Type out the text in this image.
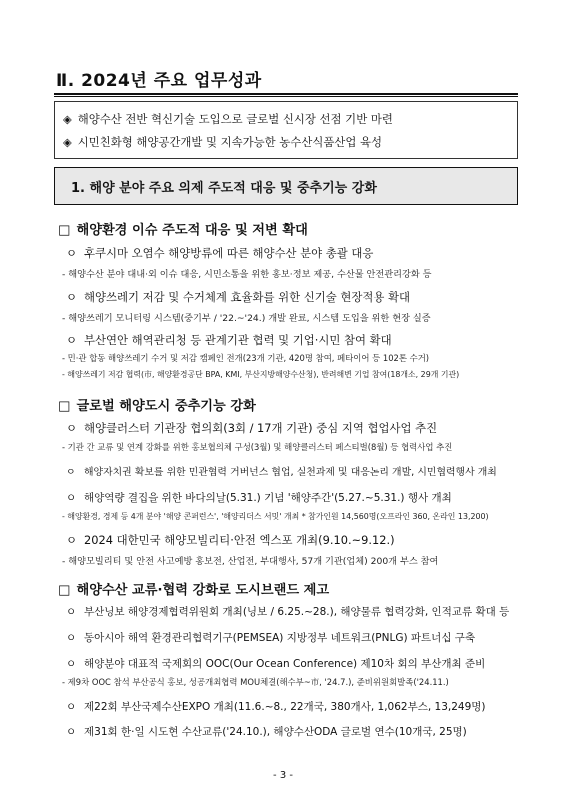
Ⅱ. 2024년 주요 업무성과
◈ 해양수산 전반 혁신기술 도입으로 글로벌 신시장 선점 기반 마련
◈ 시민친화형 해양공간개발 및 지속가능한 농수산식품산업 육성
1. 해양 분야 주요 의제 주도적 대응 및 중추기능 강화
□ 해양환경 이슈 주도적 대응 및 저변 확대
ㅇ 후쿠시마 오염수 해양방류에 따른 해양수산 분야 총괄 대응
- 해양수산 분야 대내·외 이슈 대응, 시민소통을 위한 홍보·정보 제공, 수산물 안전관리강화 등
ㅇ 해양쓰레기 저감 및 수거체계 효율화를 위한 신기술 현장적용 확대
- 해양쓰레기 모니터링 시스템(중기부 / '22.~'24.) 개발 완료, 시스템 도입을 위한 현장 실증
ㅇ 부산연안 해역관리청 등 관계기관 협력 및 기업·시민 참여 확대
- 민·관 합동 해양쓰레기 수거 및 저감 캠페인 전개(23개 기관, 420명 참여, 페타이어 등 102톤 수거)
- 해양쓰레기 저감 협력(市, 해양환경공단 BPA, KMI, 부산지방해양수산청), 반려해변 기업 참여(18개소, 29개 기관)
□ 글로벌 해양도시 중추기능 강화
ㅇ 해양클러스터 기관장 협의회(3회 / 17개 기관) 중심 지역 협업사업 추진
- 기관 간 교류 및 연계 강화를 위한 홍보협의체 구성(3월) 및 해양클러스터 페스티벌(8월) 등 협력사업 추진
ㅇ 해양자치권 확보를 위한 민관협력 거버넌스 협업, 실천과제 및 대응논리 개발, 시민협력행사 개최
ㅇ 해양역량 결집을 위한 바다의날(5.31.) 기념 '해양주간'(5.27.~5.31.) 행사 개최
- 해양환경, 경제 등 4개 분야 '해양 콘퍼런스', '해양리더스 서밋' 개최 * 참가인원 14,560명(오프라인 360, 온라인 13,200)
ㅇ 2024 대한민국 해양모빌리티·안전 엑스포 개최(9.10.~9.12.)
- 해양모빌리티 및 안전 사고예방 홍보전, 산업전, 부대행사, 57개 기관(업체) 200개 부스 참여
□ 해양수산 교류·협력 강화로 도시브랜드 제고
ㅇ 부산닝보 해양경제협력위원회 개최(닝보 / 6.25.~28.), 해양물류 협력강화, 인적교류 확대 등
ㅇ 동아시아 해역 환경관리협력기구(PEMSEA) 지방정부 네트워크(PNLG) 파트너십 구축
ㅇ 해양분야 대표적 국제회의 OOC(Our Ocean Conference) 제10차 회의 부산개최 준비
- 제9차 OOC 참석 부산공식 홍보, 성공개최협력 MOU체결(해수부~市, '24.7.), 준비위원회발족('24.11.)
ㅇ 제22회 부산국제수산EXPO 개최(11.6.~8., 22개국, 380개사, 1,062부스, 13,249명)
ㅇ 제31회 한·일 시도현 수산교류('24.10.), 해양수산ODA 글로벌 연수(10개국, 25명)
- 3 -
